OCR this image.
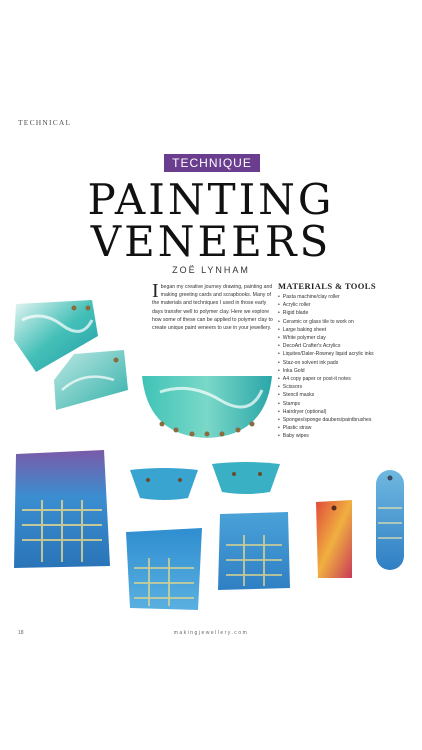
TECHNICAL
TECHNIQUE
PAINTING
VENEERS
ZOË LYNHAM
Ibegan my creative journey drawing, painting and making greeting cards and scrapbooks. Many of the materials and techniques I used in those early days transfer well to polymer clay. Here we explore how some of these can be applied to polymer clay to create unique paint veneers to use in your jewellery.
MATERIALS & TOOLS
• Pasta machine/clay roller
• Acrylic roller
• Rigid blade
• Ceramic or glass tile to work on
• Large baking sheet
• White polymer clay
• DecoArt Crafter's Acrylics
• Liquitex/Daler-Rowney liquid acrylic inks
• Staz-on solvent ink pads
• Inka Gold
• A4 copy paper or post-it notes
• Scissors
• Stencil masks
• Stamps
• Hairdryer (optional)
• Sponges/sponge daubers/paintbrushes
• Plastic straw
• Baby wipes
18	makingjewellery.com
